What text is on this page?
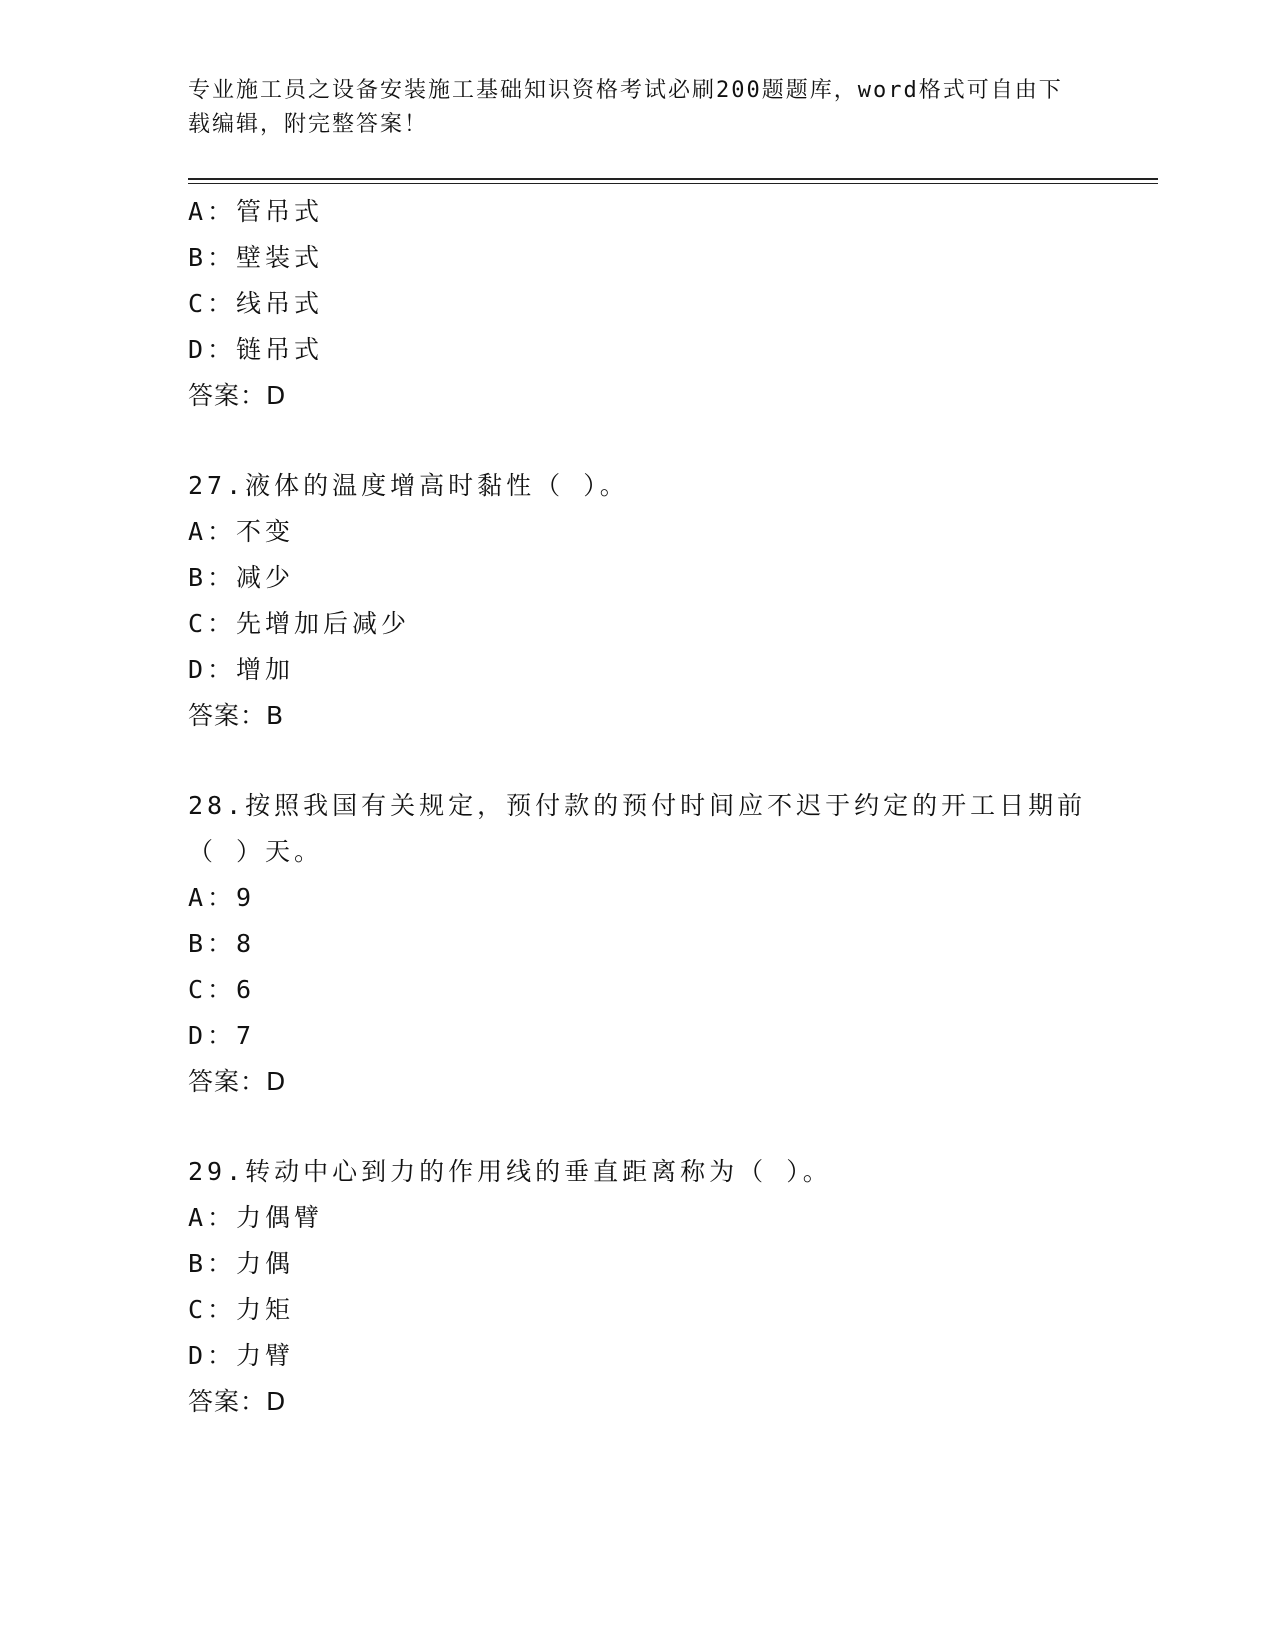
专业施工员之设备安装施工基础知识资格考试必刷200题题库，word格式可自由下载编辑，附完整答案！
A：管吊式
B：壁装式
C：线吊式
D：链吊式
答案：D
27.液体的温度增高时黏性（ ）。
A：不变
B：减少
C：先增加后减少
D：增加
答案：B
28.按照我国有关规定，预付款的预付时间应不迟于约定的开工日期前（ ）天。
A：9
B：8
C：6
D：7
答案：D
29.转动中心到力的作用线的垂直距离称为（ ）。
A：力偶臂
B：力偶
C：力矩
D：力臂
答案：D
